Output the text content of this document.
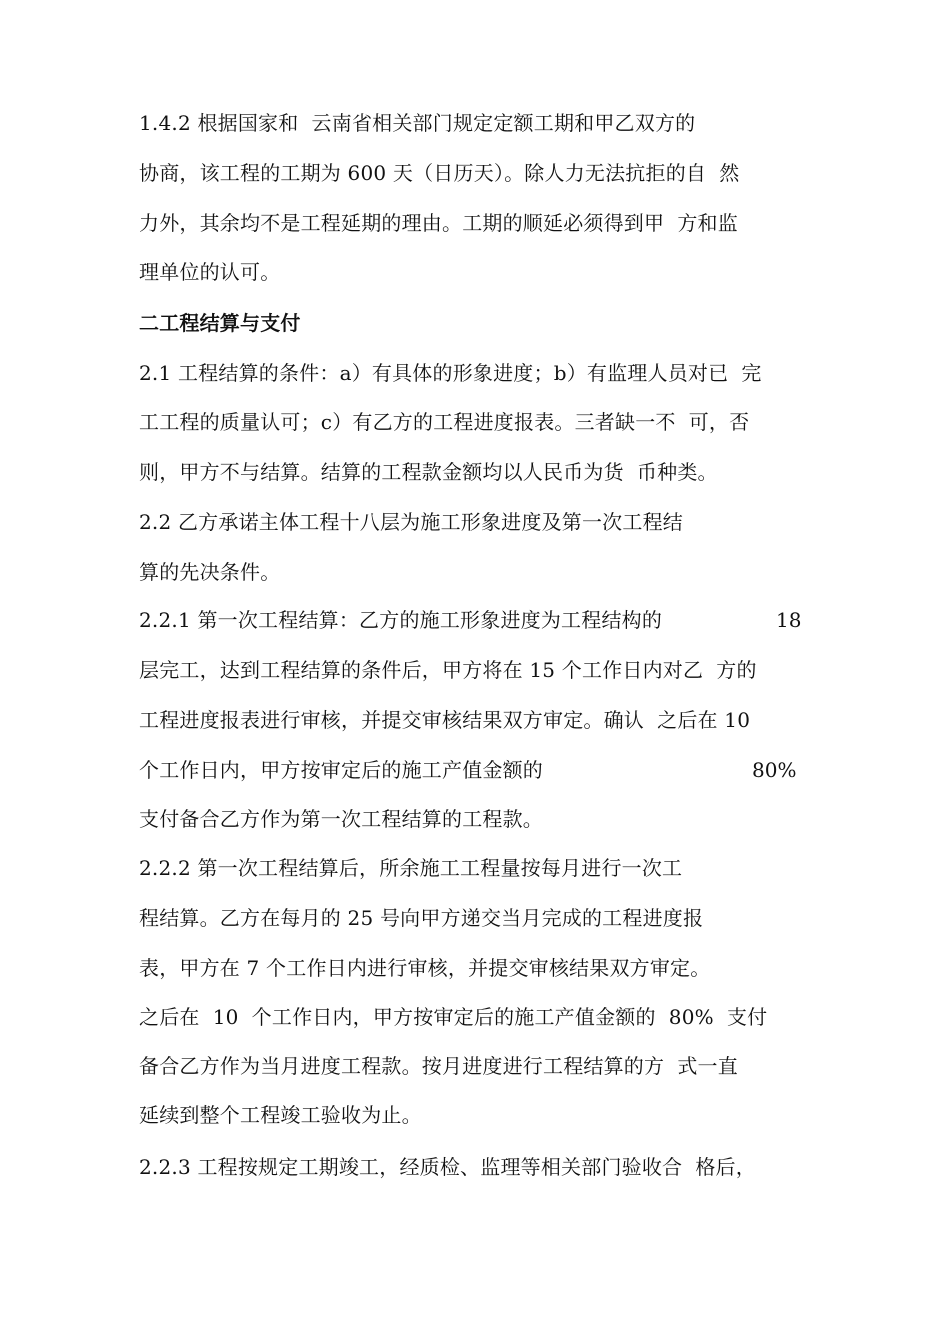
1.4.2 根据国家和  云南省相关部门规定定额工期和甲乙双方的
协商，该工程的工期为 600 天（日历天）。除人力无法抗拒的自  然
力外，其余均不是工程延期的理由。工期的顺延必须得到甲  方和监
理单位的认可。
二工程结算与支付
2.1 工程结算的条件：a）有具体的形象进度；b）有监理人员对已  完
工工程的质量认可；c）有乙方的工程进度报表。三者缺一不  可，否
则，甲方不与结算。结算的工程款金额均以人民币为货  币种类。
2.2 乙方承诺主体工程十八层为施工形象进度及第一次工程结
算的先决条件。
2.2.1 第一次工程结算：乙方的施工形象进度为工程结构的	18
层完工，达到工程结算的条件后，甲方将在 15 个工作日内对乙  方的
工程进度报表进行审核，并提交审核结果双方审定。确认  之后在 10
个工作日内，甲方按审定后的施工产值金额的	80%
支付备合乙方作为第一次工程结算的工程款。
2.2.2 第一次工程结算后，所余施工工程量按每月进行一次工
程结算。乙方在每月的 25 号向甲方递交当月完成的工程进度报
表，甲方在 7 个工作日内进行审核，并提交审核结果双方审定。
之后在  10  个工作日内，甲方按审定后的施工产值金额的  80%  支付
备合乙方作为当月进度工程款。按月进度进行工程结算的方  式一直
延续到整个工程竣工验收为止。
2.2.3 工程按规定工期竣工，经质检、监理等相关部门验收合  格后，
